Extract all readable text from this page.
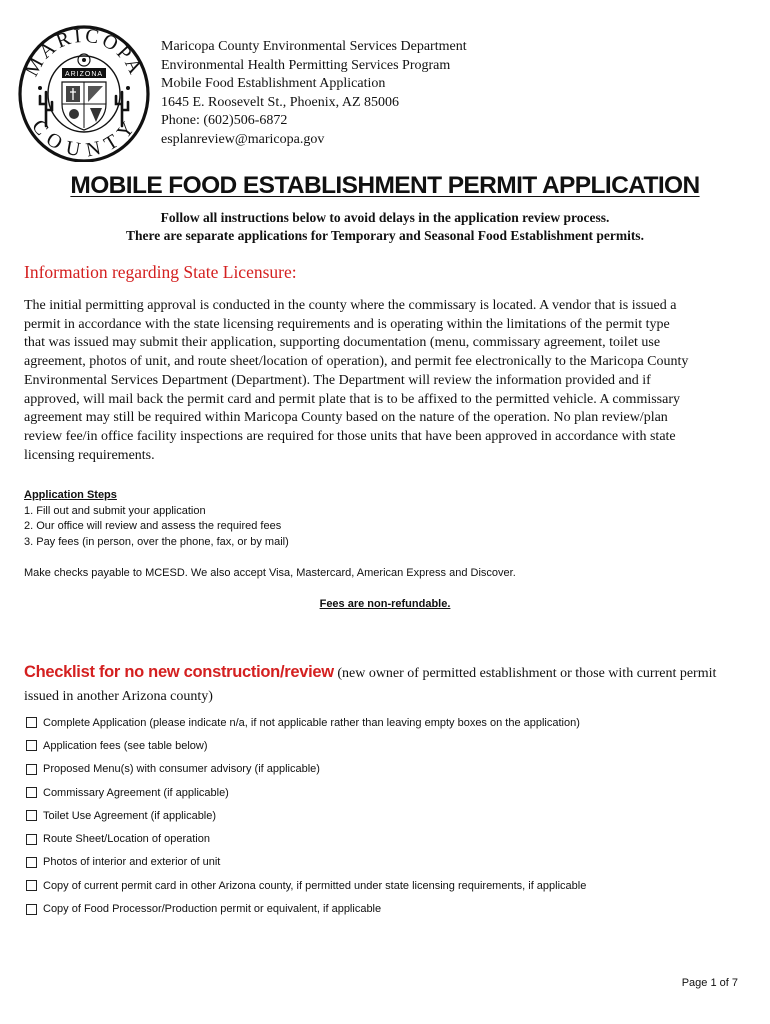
MARICOPA
COUNTY
ARIZONA
Maricopa County Environmental Services Department
Environmental Health Permitting Services Program
Mobile Food Establishment Application
1645 E. Roosevelt St., Phoenix, AZ 85006
Phone: (602)506-6872
esplanreview@maricopa.gov
MOBILE FOOD ESTABLISHMENT PERMIT APPLICATION
Follow all instructions below to avoid delays in the application review process.
There are separate applications for Temporary and Seasonal Food Establishment permits.
Information regarding State Licensure:
The initial permitting approval is conducted in the county where the commissary is located. A vendor that is issued a
permit in accordance with the state licensing requirements and is operating within the limitations of the permit type
that was issued may submit their application, supporting documentation (menu, commissary agreement, toilet use
agreement, photos of unit, and route sheet/location of operation), and permit fee electronically to the Maricopa County
Environmental Services Department (Department). The Department will review the information provided and if
approved, will mail back the permit card and permit plate that is to be affixed to the permitted vehicle. A commissary
agreement may still be required within Maricopa County based on the nature of the operation. No plan review/plan
review fee/in office facility inspections are required for those units that have been approved in accordance with state
licensing requirements.
Application Steps
1. Fill out and submit your application
2. Our office will review and assess the required fees
3. Pay fees (in person, over the phone, fax, or by mail)
Make checks payable to MCESD. We also accept Visa, Mastercard, American Express and Discover.
Fees are non-refundable.
Checklist for no new construction/review (new owner of permitted establishment or those with current permit issued in another Arizona county)
Complete Application (please indicate n/a, if not applicable rather than leaving empty boxes on the application)
Application fees (see table below)
Proposed Menu(s) with consumer advisory (if applicable)
Commissary Agreement (if applicable)
Toilet Use Agreement (if applicable)
Route Sheet/Location of operation
Photos of interior and exterior of unit
Copy of current permit card in other Arizona county, if permitted under state licensing requirements, if applicable
Copy of Food Processor/Production permit or equivalent, if applicable
Page 1 of 7
